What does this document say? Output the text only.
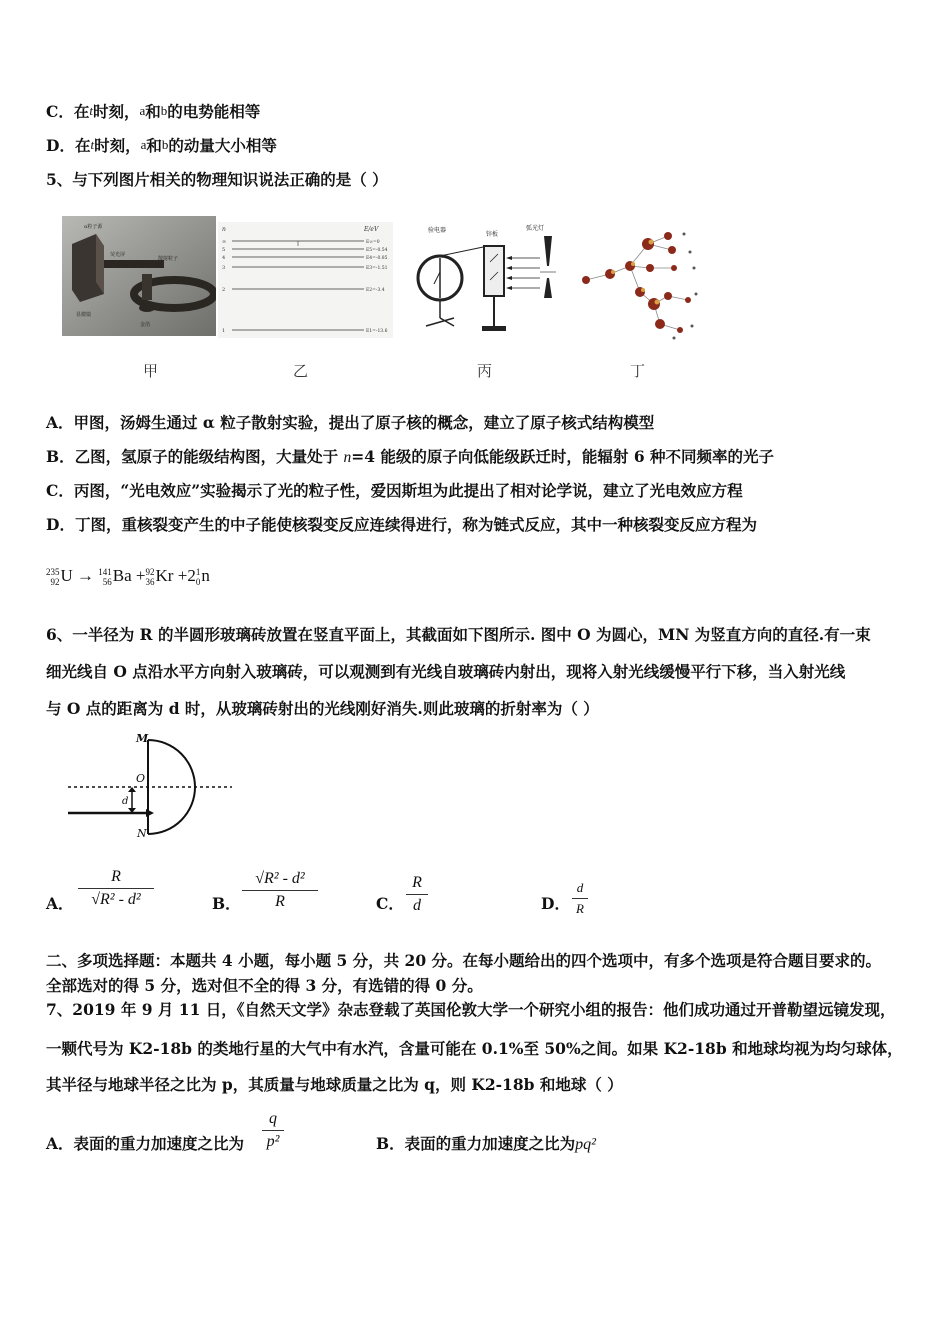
C．在t时刻，a和b的电势能相等
D．在t时刻，a和b的动量大小相等
5、与下列图片相关的物理知识说法正确的是（ ）
α粒子源
荧光屏
显微镜
金箔
散射粒子
n	E/eV
∞
5
4
3
2
1
E∞=0
E5=-0.54
E4=-0.85
E3=-1.51
E2=-3.4
E1=-13.6
验电器
锌板
弧光灯
甲	乙	丙	丁
A．甲图，汤姆生通过 α 粒子散射实验，提出了原子核的概念，建立了原子核式结构模型
B．乙图，氢原子的能级结构图，大量处于 n=4 能级的原子向低能级跃迁时，能辐射 6 种不同频率的光子
C．丙图，“光电效应”实验揭示了光的粒子性，爱因斯坦为此提出了相对论学说，建立了光电效应方程
D．丁图，重核裂变产生的中子能使核裂变反应连续得进行，称为链式反应，其中一种核裂变反应方程为
235
92 U → 141
56 Ba + 92
36 Kr +2 1
0 n
6、一半径为 R 的半圆形玻璃砖放置在竖直平面上，其截面如下图所示. 图中 O 为圆心，MN 为竖直方向的直径.有一束
细光线自 O 点沿水平方向射入玻璃砖，可以观测到有光线自玻璃砖内射出，现将入射光线缓慢平行下移，当入射光线
与 O 点的距离为 d 时，从玻璃砖射出的光线刚好消失.则此玻璃的折射率为（ ）
M
O
d
N
A．
R
√R² - d²	B．
√R² - d²
R	C．
R
d	D．
d
R
二、多项选择题：本题共 4 小题，每小题 5 分，共 20 分。在每小题给出的四个选项中，有多个选项是符合题目要求的。
全部选对的得 5 分，选对但不全的得 3 分，有选错的得 0 分。
7、2019 年 9 月 11 日，《自然天文学》杂志登载了英国伦敦大学一个研究小组的报告：他们成功通过开普勒望远镜发现，
一颗代号为 K2-18b 的类地行星的大气中有水汽，含量可能在 0.1%至 50%之间。如果 K2-18b 和地球均视为均匀球体，
其半径与地球半径之比为 p，其质量与地球质量之比为 q，则 K2-18b 和地球（ ）
A．表面的重力加速度之比为
q
p²	B．表面的重力加速度之比为pq²
